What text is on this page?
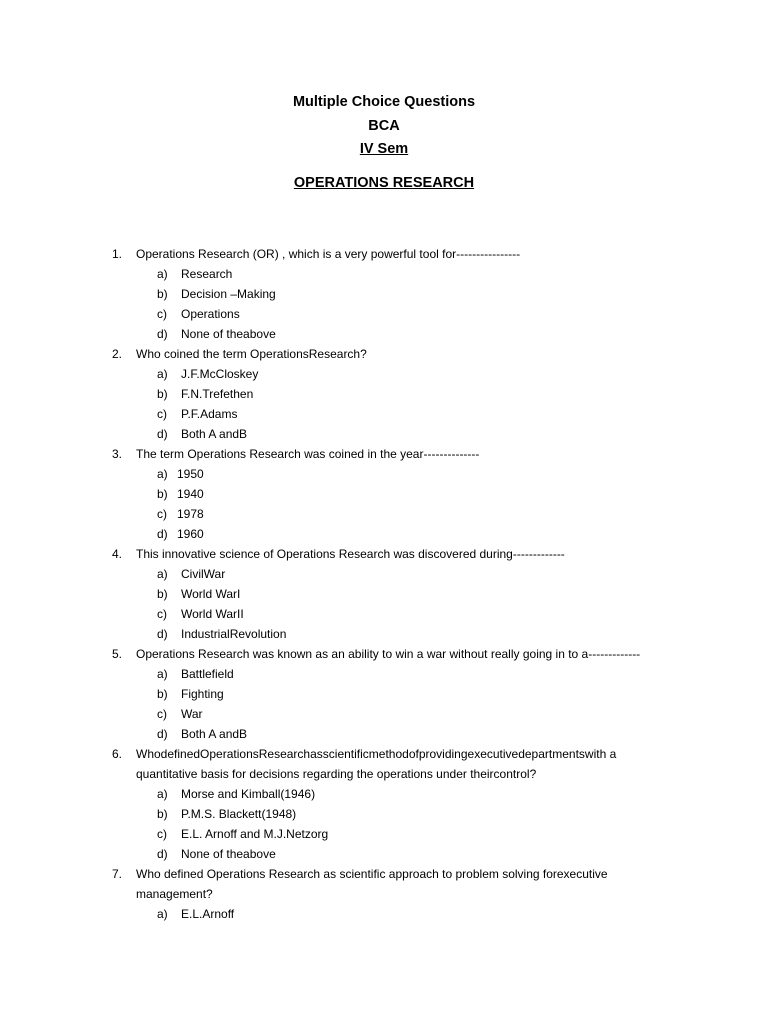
Multiple Choice Questions
BCA
IV Sem
OPERATIONS RESEARCH
1.	Operations Research (OR) , which is a very powerful tool for----------------
a) Research
b) Decision –Making
c) Operations
d) None of theabove
2.	Who coined the term OperationsResearch?
a) J.F.McCloskey
b) F.N.Trefethen
c) P.F.Adams
d) Both A andB
3.	The term Operations Research was coined in the year--------------
a) 1950
b) 1940
c) 1978
d) 1960
4.	This innovative science of Operations Research was discovered during-------------
a) CivilWar
b) World WarI
c) World WarII
d) IndustrialRevolution
5.	Operations Research was known as an ability to win a war without really going in to a-------------
a) Battlefield
b) Fighting
c) War
d) Both A andB
6.	WhodefinedOperationsResearchasscientificmethodofprovidingexecutivedepartmentswith a
quantitative basis for decisions regarding the operations under theircontrol?
a) Morse and Kimball(1946)
b) P.M.S. Blackett(1948)
c) E.L. Arnoff and M.J.Netzorg
d) None of theabove
7.	Who defined Operations Research as scientific approach to problem solving forexecutive
management?
a) E.L.Arnoff
